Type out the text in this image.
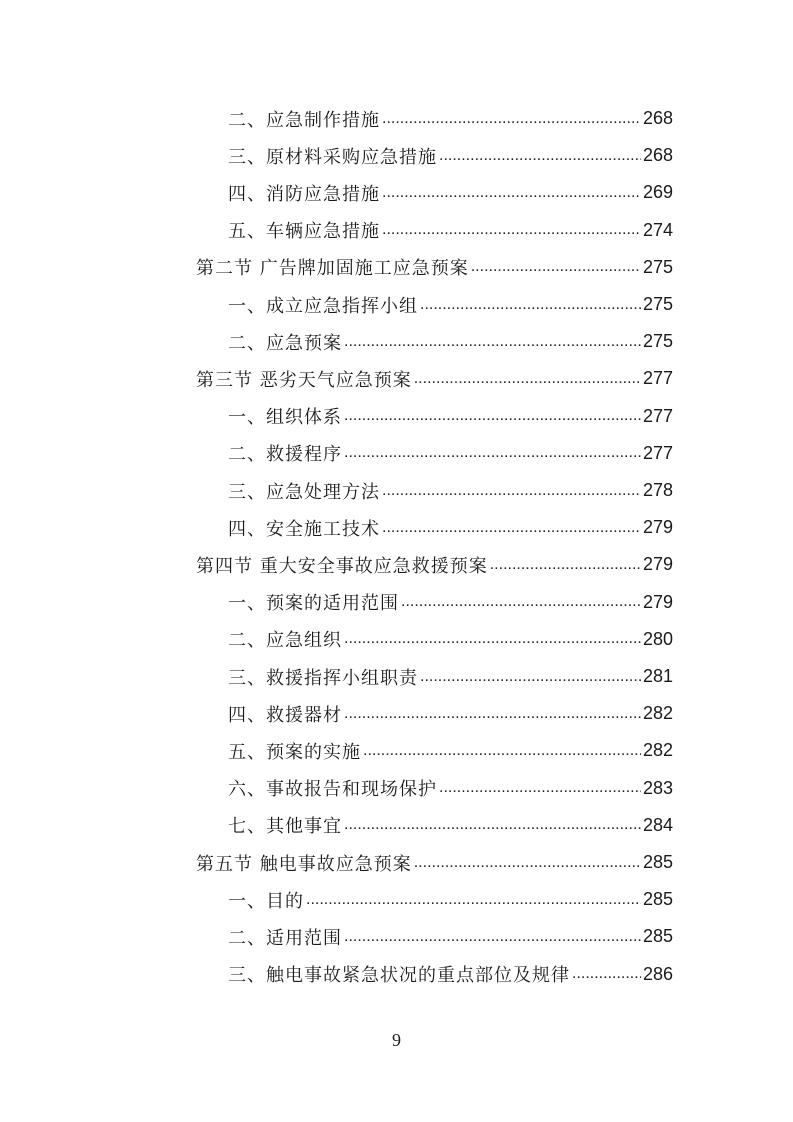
二、应急制作措施 .....	268
三、原材料采购应急措施 .....	268
四、消防应急措施 .....	269
五、车辆应急措施 .....	274
第二节 广告牌加固施工应急预案 .....	275
一、成立应急指挥小组 .....	275
二、应急预案 .....	275
第三节 恶劣天气应急预案 .....	277
一、组织体系 .....	277
二、救援程序 .....	277
三、应急处理方法 .....	278
四、安全施工技术 .....	279
第四节 重大安全事故应急救援预案 .....	279
一、预案的适用范围 .....	279
二、应急组织 .....	280
三、救援指挥小组职责 .....	281
四、救援器材 .....	282
五、预案的实施 .....	282
六、事故报告和现场保护 .....	283
七、其他事宜 .....	284
第五节 触电事故应急预案 .....	285
一、目的 .....	285
二、适用范围 .....	285
三、触电事故紧急状况的重点部位及规律 .....	286
9
